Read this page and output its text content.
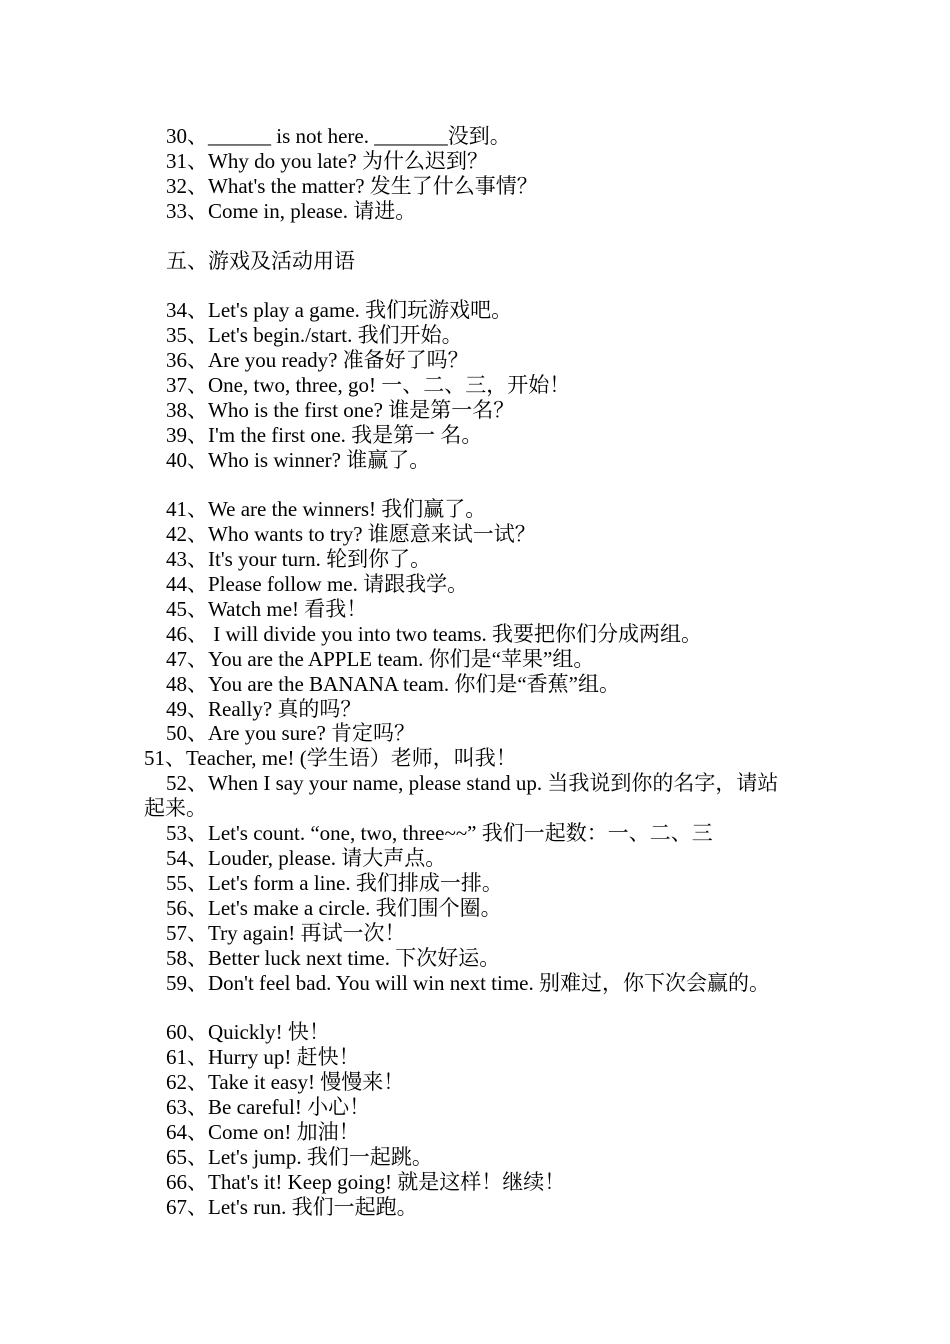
30、______ is not here. _______没到。
31、Why do you late? 为什么迟到？
32、What's the matter? 发生了什么事情？
33、Come in, please. 请进。
五、游戏及活动用语
34、Let's play a game. 我们玩游戏吧。
35、Let's begin./start. 我们开始。
36、Are you ready? 准备好了吗？
37、One, two, three, go! 一、二、三，开始！
38、Who is the first one? 谁是第一名？
39、I'm the first one. 我是第一 名。
40、Who is winner? 谁赢了。
41、We are the winners! 我们赢了。
42、Who wants to try? 谁愿意来试一试？
43、It's your turn. 轮到你了。
44、Please follow me. 请跟我学。
45、Watch me! 看我！
46、 I will divide you into two teams. 我要把你们分成两组。
47、You are the APPLE team. 你们是“苹果”组。
48、You are the BANANA team. 你们是“香蕉”组。
49、Really? 真的吗？
50、Are you sure? 肯定吗？
51、Teacher, me! (学生语）老师，叫我！
52、When I say your name, please stand up. 当我说到你的名字，请站
起来。
53、Let's count. “one, two, three~~” 我们一起数：一、二、三
54、Louder, please. 请大声点。
55、Let's form a line. 我们排成一排。
56、Let's make a circle. 我们围个圈。
57、Try again! 再试一次！
58、Better luck next time. 下次好运。
59、Don't feel bad. You will win next time. 别难过，你下次会赢的。
60、Quickly! 快！
61、Hurry up! 赶快！
62、Take it easy! 慢慢来！
63、Be careful! 小心！
64、Come on! 加油！
65、Let's jump. 我们一起跳。
66、That's it! Keep going! 就是这样！继续！
67、Let's run. 我们一起跑。
